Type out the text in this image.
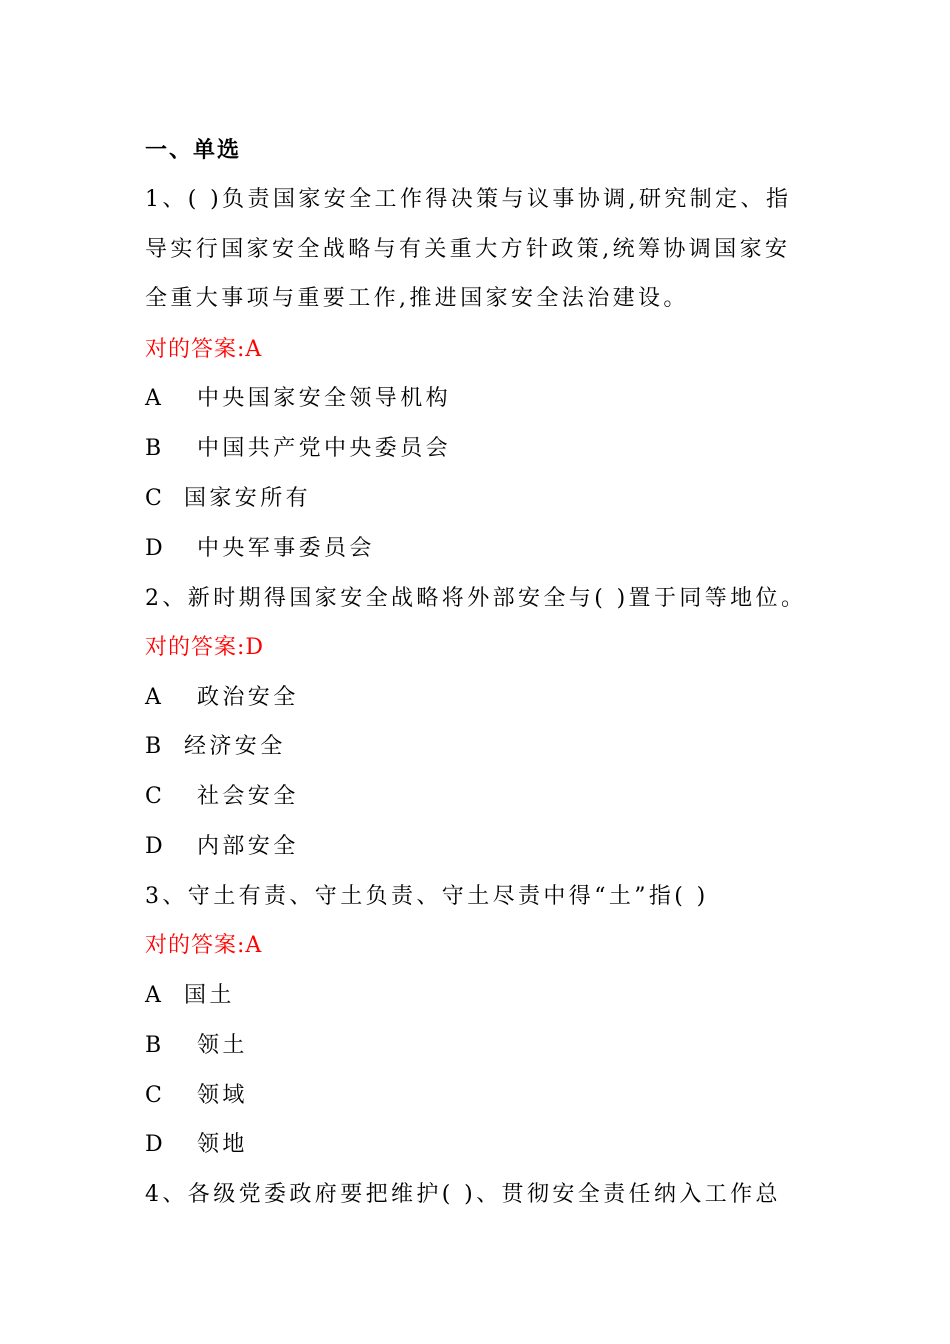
一、单选
1、( )负责国家安全工作得决策与议事协调,研究制定、指
导实行国家安全战略与有关重大方针政策,统筹协调国家安
全重大事项与重要工作,推进国家安全法治建设。
对的答案:A
A 中央国家安全领导机构
B 中国共产党中央委员会
C 国家安所有
D 中央军事委员会
2、新时期得国家安全战略将外部安全与( )置于同等地位。
对的答案:D
A 政治安全
B 经济安全
C 社会安全
D 内部安全
3、守土有责、守土负责、守土尽责中得“土”指( )
对的答案:A
A 国土
B 领土
C 领域
D 领地
4、各级党委政府要把维护( )、贯彻安全责任纳入工作总
